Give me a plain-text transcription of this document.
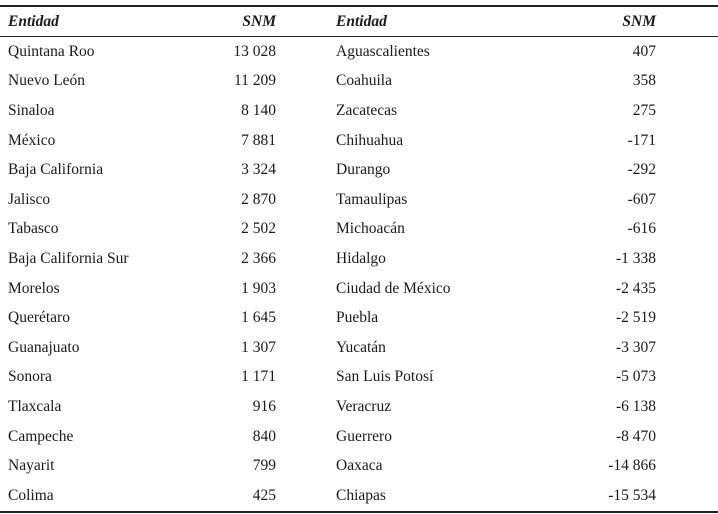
Entidad	SNM		Entidad	SNM
Quintana Roo	13 028		Aguascalientes	407
Nuevo León	11 209		Coahuila	358
Sinaloa	8 140		Zacatecas	275
México	7 881		Chihuahua	-171
Baja California	3 324		Durango	-292
Jalisco	2 870		Tamaulipas	-607
Tabasco	2 502		Michoacán	-616
Baja California Sur	2 366		Hidalgo	-1 338
Morelos	1 903		Ciudad de México	-2 435
Querétaro	1 645		Puebla	-2 519
Guanajuato	1 307		Yucatán	-3 307
Sonora	1 171		San Luis Potosí	-5 073
Tlaxcala	916		Veracruz	-6 138
Campeche	840		Guerrero	-8 470
Nayarit	799		Oaxaca	-14 866
Colima	425		Chiapas	-15 534
